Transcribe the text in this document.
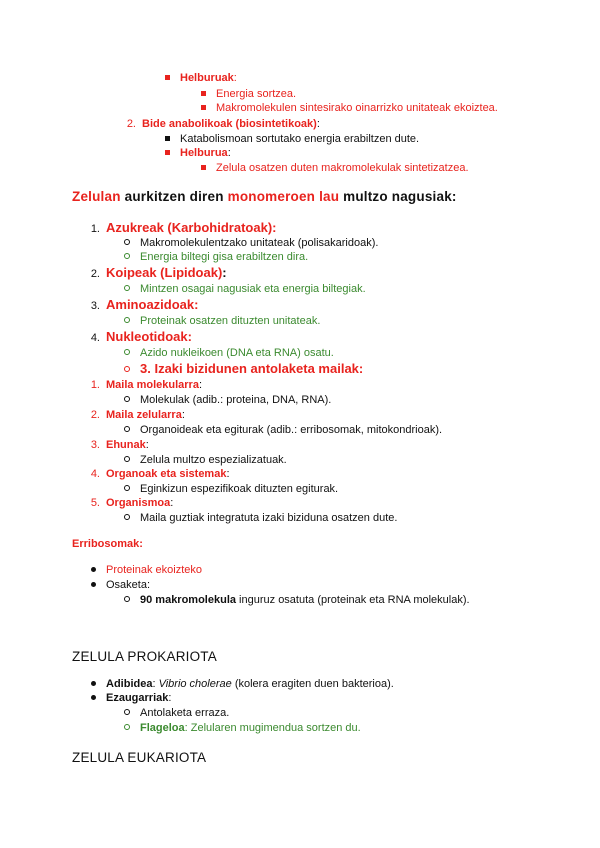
Helburuak:
Energia sortzea.
Makromolekulen sintesirako oinarrizko unitateak ekoiztea.
2. Bide anabolikoak (biosintetikoak):
Katabolismoan sortutako energia erabiltzen dute.
Helburua:
Zelula osatzen duten makromolekulak sintetizatzea.
Zelulan aurkitzen diren monomeroen lau multzo nagusiak:
1. Azukreak (Karbohidratoak):
Makromolekulentzako unitateak (polisakaridoak).
Energia biltegi gisa erabiltzen dira.
2. Koipeak (Lipidoak):
Mintzen osagai nagusiak eta energia biltegiak.
3. Aminoazidoak:
Proteinak osatzen dituzten unitateak.
4. Nukleotidoak:
Azido nukleikoen (DNA eta RNA) osatu.
3. Izaki bizidunen antolaketa mailak:
1. Maila molekularra:
Molekulak (adib.: proteina, DNA, RNA).
2. Maila zelularra:
Organoideak eta egiturak (adib.: erribosomak, mitokondrioak).
3. Ehunak:
Zelula multzo espezializatuak.
4. Organoak eta sistemak:
Eginkizun espezifikoak dituzten egiturak.
5. Organismoa:
Maila guztiak integratuta izaki biziduna osatzen dute.
Erribosomak:
Proteinak ekoizteko
Osaketa:
90 makromolekula inguruz osatuta (proteinak eta RNA molekulak).
ZELULA PROKARIOTA
Adibidea: Vibrio cholerae (kolera eragiten duen bakterioa).
Ezaugarriak:
Antolaketa erraza.
Flageloa: Zelularen mugimendua sortzen du.
ZELULA EUKARIOTA
